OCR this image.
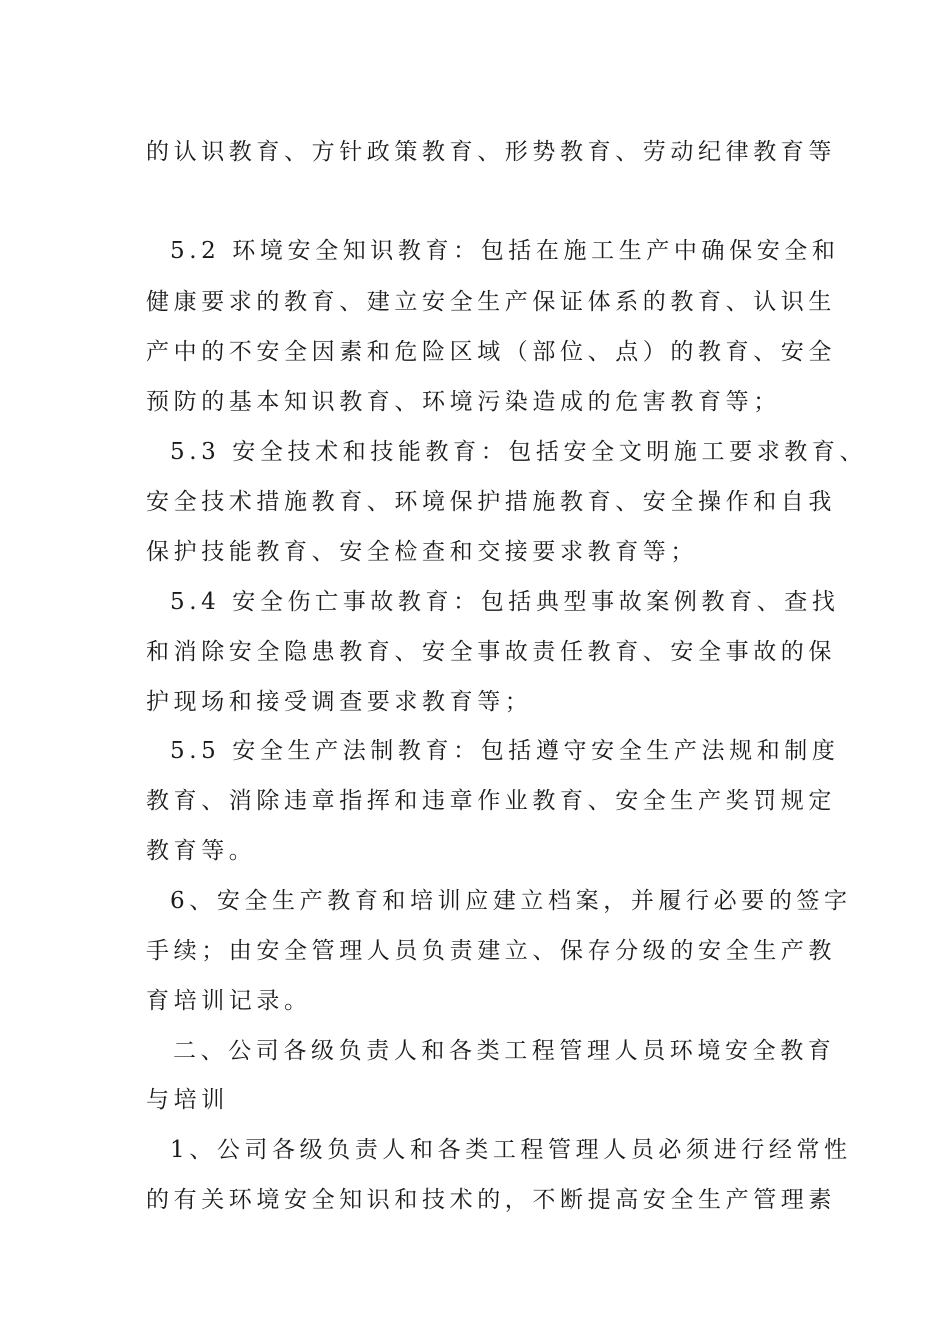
的认识教育、方针政策教育、形势教育、劳动纪律教育等

5.2 环境安全知识教育：包括在施工生产中确保安全和

健康要求的教育、建立安全生产保证体系的教育、认识生

产中的不安全因素和危险区域（部位、点）的教育、安全

预防的基本知识教育、环境污染造成的危害教育等；

5.3 安全技术和技能教育：包括安全文明施工要求教育、

安全技术措施教育、环境保护措施教育、安全操作和自我

保护技能教育、安全检查和交接要求教育等；

5.4 安全伤亡事故教育：包括典型事故案例教育、查找

和消除安全隐患教育、安全事故责任教育、安全事故的保

护现场和接受调查要求教育等；

5.5 安全生产法制教育：包括遵守安全生产法规和制度

教育、消除违章指挥和违章作业教育、安全生产奖罚规定

教育等。

6、安全生产教育和培训应建立档案，并履行必要的签字

手续；由安全管理人员负责建立、保存分级的安全生产教

育培训记录。

二、公司各级负责人和各类工程管理人员环境安全教育

与培训

1、公司各级负责人和各类工程管理人员必须进行经常性

的有关环境安全知识和技术的，不断提高安全生产管理素
